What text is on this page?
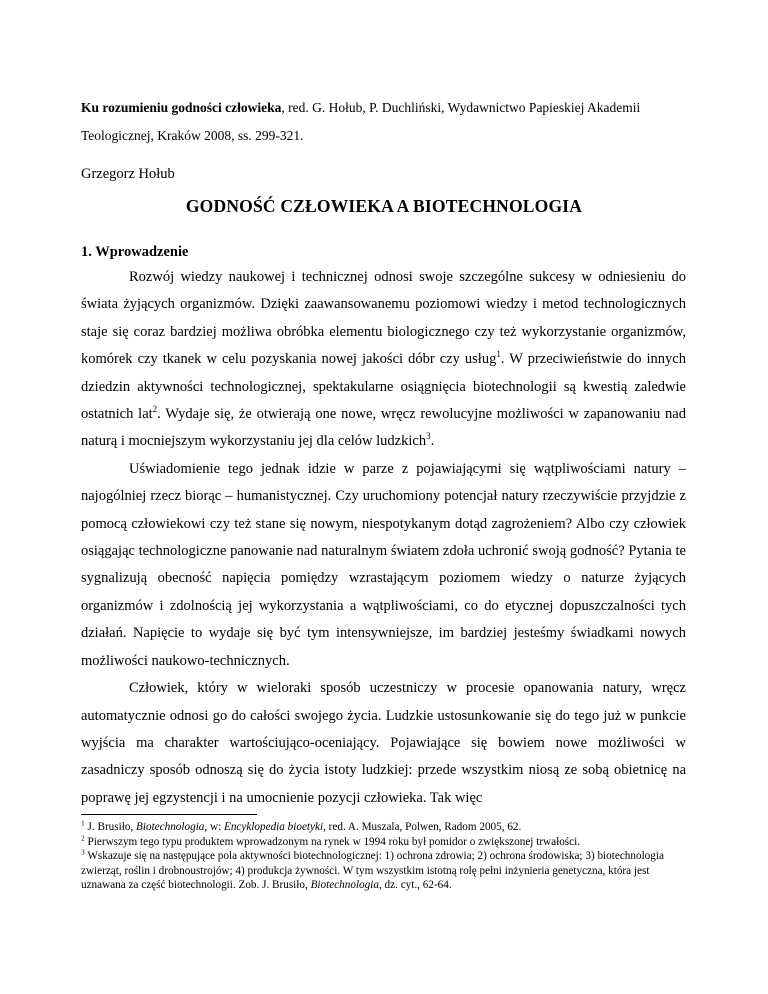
Ku rozumieniu godności człowieka, red. G. Hołub, P. Duchliński, Wydawnictwo Papieskiej Akademii Teologicznej, Kraków 2008, ss. 299-321.
Grzegorz Hołub
GODNOŚĆ CZŁOWIEKA A BIOTECHNOLOGIA
1. Wprowadzenie

Rozwój wiedzy naukowej i technicznej odnosi swoje szczególne sukcesy w odniesieniu do świata żyjących organizmów. Dzięki zaawansowanemu poziomowi wiedzy i metod technologicznych staje się coraz bardziej możliwa obróbka elementu biologicznego czy też wykorzystanie organizmów, komórek czy tkanek w celu pozyskania nowej jakości dóbr czy usług$^1$. W przeciwieństwie do innych dziedzin aktywności technologicznej, spektakularne osiągnięcia biotechnologii są kwestią zaledwie ostatnich lat$^2$. Wydaje się, że otwierają one nowe, wręcz rewolucyjne możliwości w zapanowaniu nad naturą i mocniejszym wykorzystaniu jej dla celów ludzkich$^3$.

Uświadomienie tego jednak idzie w parze z pojawiającymi się wątpliwościami natury – najogólniej rzecz biorąc – humanistycznej. Czy uruchomiony potencjał natury rzeczywiście przyjdzie z pomocą człowiekowi czy też stane się nowym, niespotykanym dotąd zagrożeniem? Albo czy człowiek osiągając technologiczne panowanie nad naturalnym światem zdoła uchronić swoją godność? Pytania te sygnalizują obecność napięcia pomiędzy wzrastającym poziomem wiedzy o naturze żyjących organizmów i zdolnością jej wykorzystania a wątpliwościami, co do etycznej dopuszczalności tych działań. Napięcie to wydaje się być tym intensywniejsze, im bardziej jesteśmy świadkami nowych możliwości naukowo-technicznych.

Człowiek, który w wieloraki sposób uczestniczy w procesie opanowania natury, wręcz automatycznie odnosi go do całości swojego życia. Ludzkie ustosunkowanie się do tego już w punkcie wyjścia ma charakter wartościująco-oceniający. Pojawiające się bowiem nowe możliwości w zasadniczy sposób odnoszą się do życia istoty ludzkiej: przede wszystkim niosą ze sobą obietnicę na poprawę jej egzystencji i na umocnienie pozycji człowieka. Tak więc

$^1$ J. Brusiło, Biotechnologia, w: Encyklopedia bioetyki, red. A. Muszala, Polwen, Radom 2005, 62.
$^2$ Pierwszym tego typu produktem wprowadzonym na rynek w 1994 roku był pomidor o zwiększonej trwałości.
$^3$ Wskazuje się na następujące pola aktywności biotechnologicznej: 1) ochrona zdrowia; 2) ochrona środowiska; 3) biotechnologia zwierząt, roślin i drobnoustrojów; 4) produkcja żywności. W tym wszystkim istotną rolę pełni inżynieria genetyczna, która jest uznawana za część biotechnologii. Zob. J. Brusiło, Biotechnologia, dz. cyt., 62-64.
